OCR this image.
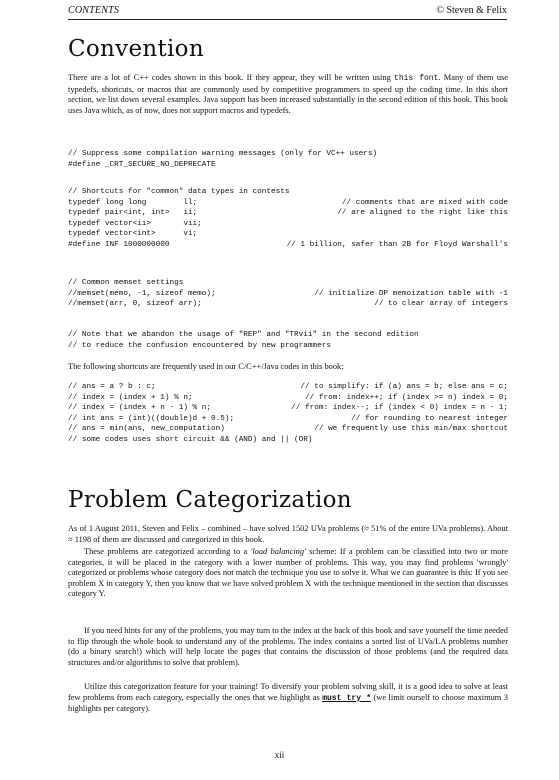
CONTENTS	© Steven & Felix
Convention

There are a lot of C++ codes shown in this book. If they appear, they will be written using this font. Many of them use typedefs, shortcuts, or macros that are commonly used by competitive programmers to speed up the coding time. In this short section, we list down several examples. Java support has been increased substantially in the second edition of this book. This book uses Java which, as of now, does not support macros and typedefs.

// Suppress some compilation warning messages (only for VC++ users)
#define _CRT_SECURE_NO_DEPRECATE
// Shortcuts for "common" data types in contests
typedef long long        ll;	// comments that are mixed with code
typedef pair<int, int>   ii;	// are aligned to the right like this
typedef vector<ii>       vii;
typedef vector<int>      vi;
#define INF 1000000000	// 1 billion, safer than 2B for Floyd Warshall's
// Common memset settings
//memset(memo, -1, sizeof memo);	// initialize DP memoization table with -1
//memset(arr, 0, sizeof arr);	// to clear array of integers
// Note that we abandon the usage of "REP" and "TRvii" in the second edition
// to reduce the confusion encountered by new programmers

The following shortcuts are frequently used in our C/C++/Java codes in this book:

// ans = a ? b : c;	// to simplify: if (a) ans = b; else ans = c;
// index = (index + 1) % n;	// from: index++; if (index >= n) index = 0;
// index = (index + n - 1) % n;	// from: index--; if (index < 0) index = n - 1;
// int ans = (int)((double)d + 0.5);	// for rounding to nearest integer
// ans = min(ans, new_computation)	// we frequently use this min/max shortcut
// some codes uses short circuit && (AND) and || (OR)
Problem Categorization

As of 1 August 2011, Steven and Felix – combined – have solved 1502 UVa problems (≈ 51% of the entire UVa problems). About ≈ 1198 of them are discussed and categorized in this book.

These problems are categorized according to a 'load balancing' scheme: If a problem can be classified into two or more categories, it will be placed in the category with a lower number of problems. This way, you may find problems 'wrongly' categorized or problems whose category does not match the technique you use to solve it. What we can guarantee is this: If you see problem X in category Y, then you know that we have solved problem X with the technique mentioned in the section that discusses category Y.

If you need hints for any of the problems, you may turn to the index at the back of this book and save yourself the time needed to flip through the whole book to understand any of the problems. The index contains a sorted list of UVa/LA problems number (do a binary search!) which will help locate the pages that contains the discussion of those problems (and the required data structures and/or algorithms to solve that problem).

Utilize this categorization feature for your training! To diversify your problem solving skill, it is a good idea to solve at least few problems from each category, especially the ones that we highlight as must try * (we limit ourself to choose maximum 3 highlights per category).

xii
